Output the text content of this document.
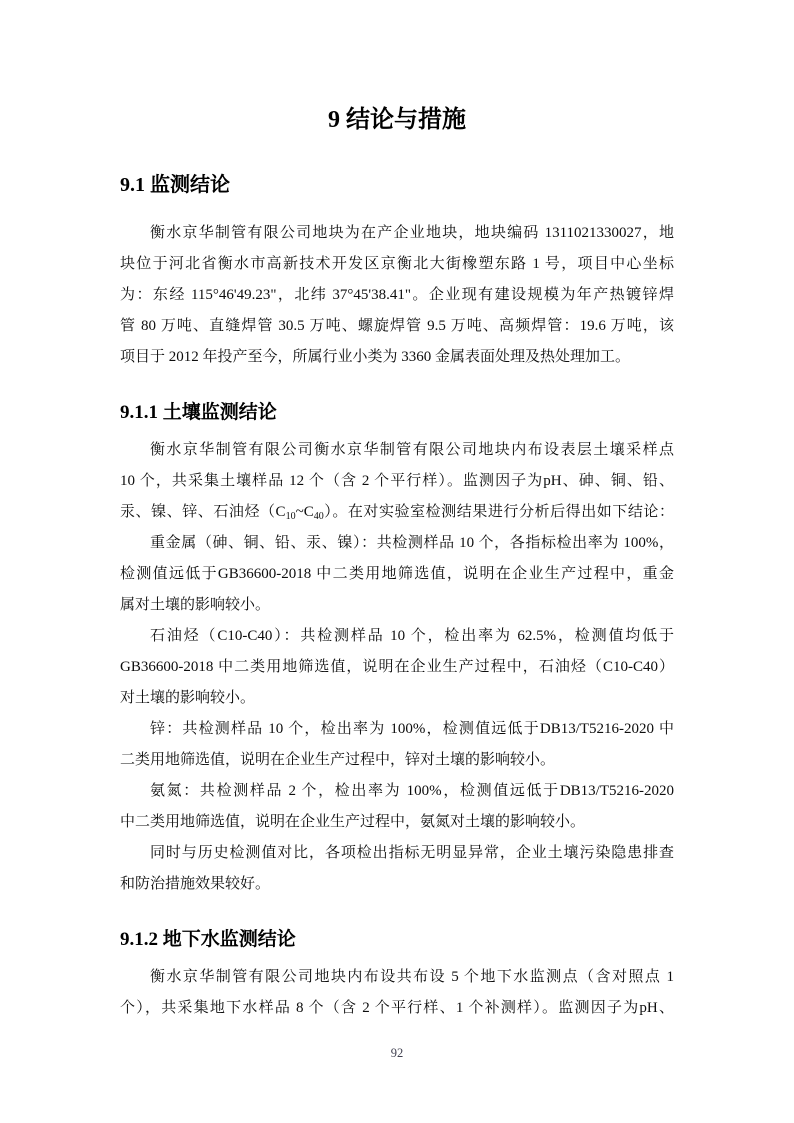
9 结论与措施
9.1 监测结论
衡水京华制管有限公司地块为在产企业地块，地块编码 1311021330027，地
块位于河北省衡水市高新技术开发区京衡北大街橡塑东路 1 号，项目中心坐标
为：东经 115°46'49.23"，北纬 37°45'38.41"。企业现有建设规模为年产热镀锌焊
管 80 万吨、直缝焊管 30.5 万吨、螺旋焊管 9.5 万吨、高频焊管：19.6 万吨，该
项目于 2012 年投产至今，所属行业小类为 3360 金属表面处理及热处理加工。
9.1.1 土壤监测结论
衡水京华制管有限公司衡水京华制管有限公司地块内布设表层土壤采样点
10 个，共采集土壤样品 12 个（含 2 个平行样）。监测因子为pH、砷、铜、铅、
汞、镍、锌、石油烃$(C_{10}\sim C_{40})$。在对实验室检测结果进行分析后得出如下结论：
重金属（砷、铜、铅、汞、镍）：共检测样品 10 个，各指标检出率为 100%，
检测值远低于GB36600-2018 中二类用地筛选值，说明在企业生产过程中，重金
属对土壤的影响较小。
石油烃（C10-C40）：共检测样品 10 个，检出率为 62.5%，检测值均低于
GB36600-2018 中二类用地筛选值，说明在企业生产过程中，石油烃（C10-C40）
对土壤的影响较小。
锌：共检测样品 10 个，检出率为 100%，检测值远低于DB13/T5216-2020 中
二类用地筛选值，说明在企业生产过程中，锌对土壤的影响较小。
氨氮：共检测样品 2 个，检出率为 100%，检测值远低于DB13/T5216-2020
中二类用地筛选值，说明在企业生产过程中，氨氮对土壤的影响较小。
同时与历史检测值对比，各项检出指标无明显异常，企业土壤污染隐患排查
和防治措施效果较好。
9.1.2 地下水监测结论
衡水京华制管有限公司地块内布设共布设 5 个地下水监测点（含对照点 1
个），共采集地下水样品 8 个（含 2 个平行样、1 个补测样）。监测因子为pH、
92
